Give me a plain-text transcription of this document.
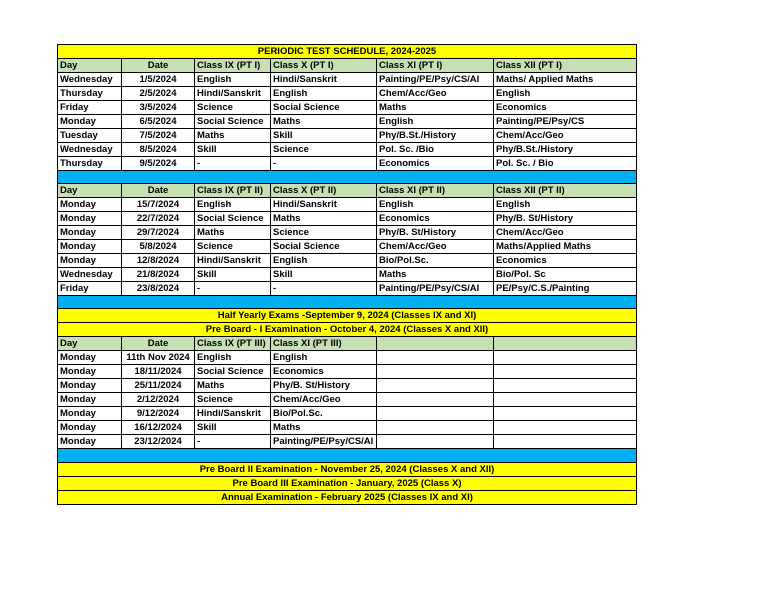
PERIODIC TEST SCHEDULE, 2024-2025					
Day	Date	Class IX (PT I)	Class X (PT I)	Class XI (PT I)	Class XII (PT I)
Wednesday	1/5/2024	English	Hindi/Sanskrit	Painting/PE/Psy/CS/AI	Maths/ Applied Maths
Thursday	2/5/2024	Hindi/Sanskrit	English	Chem/Acc/Geo	English
Friday	3/5/2024	Science	Social Science	Maths	Economics
Monday	6/5/2024	Social Science	Maths	English	Painting/PE/Psy/CS
Tuesday	7/5/2024	Maths	Skill	Phy/B.St./History	Chem/Acc/Geo
Wednesday	8/5/2024	Skill	Science	Pol. Sc. /Bio	Phy/B.St./History
Thursday	9/5/2024	-	-	Economics	Pol. Sc. / Bio

Day	Date	Class IX (PT II)	Class X (PT II)	Class XI (PT II)	Class XII (PT II)
Monday	15/7/2024	English	Hindi/Sanskrit	English	English
Monday	22/7/2024	Social Science	Maths	Economics	Phy/B. St/History
Monday	29/7/2024	Maths	Science	Phy/B. St/History	Chem/Acc/Geo
Monday	5/8/2024	Science	Social Science	Chem/Acc/Geo	Maths/Applied Maths
Monday	12/8/2024	Hindi/Sanskrit	English	Bio/Pol.Sc.	Economics
Wednesday	21/8/2024	Skill	Skill	Maths	Bio/Pol. Sc
Friday	23/8/2024	-	-	Painting/PE/Psy/CS/AI	PE/Psy/C.S./Painting

Half Yearly Exams -September 9, 2024 (Classes IX and XI)					
Pre Board - I Examination - October 4, 2024 (Classes X and XII)					
Day	Date	Class IX (PT III)	Class XI (PT III)		
Monday	11th Nov 2024	English	English		
Monday	18/11/2024	Social Science	Economics		
Monday	25/11/2024	Maths	Phy/B. St/History		
Monday	2/12/2024	Science	Chem/Acc/Geo		
Monday	9/12/2024	Hindi/Sanskrit	Bio/Pol.Sc.		
Monday	16/12/2024	Skill	Maths		
Monday	23/12/2024	-	Painting/PE/Psy/CS/AI		

Pre Board II Examination - November 25, 2024 (Classes X and XII)					
Pre Board III Examination - January, 2025 (Class X)					
Annual Examination - February 2025 (Classes IX and XI)					
